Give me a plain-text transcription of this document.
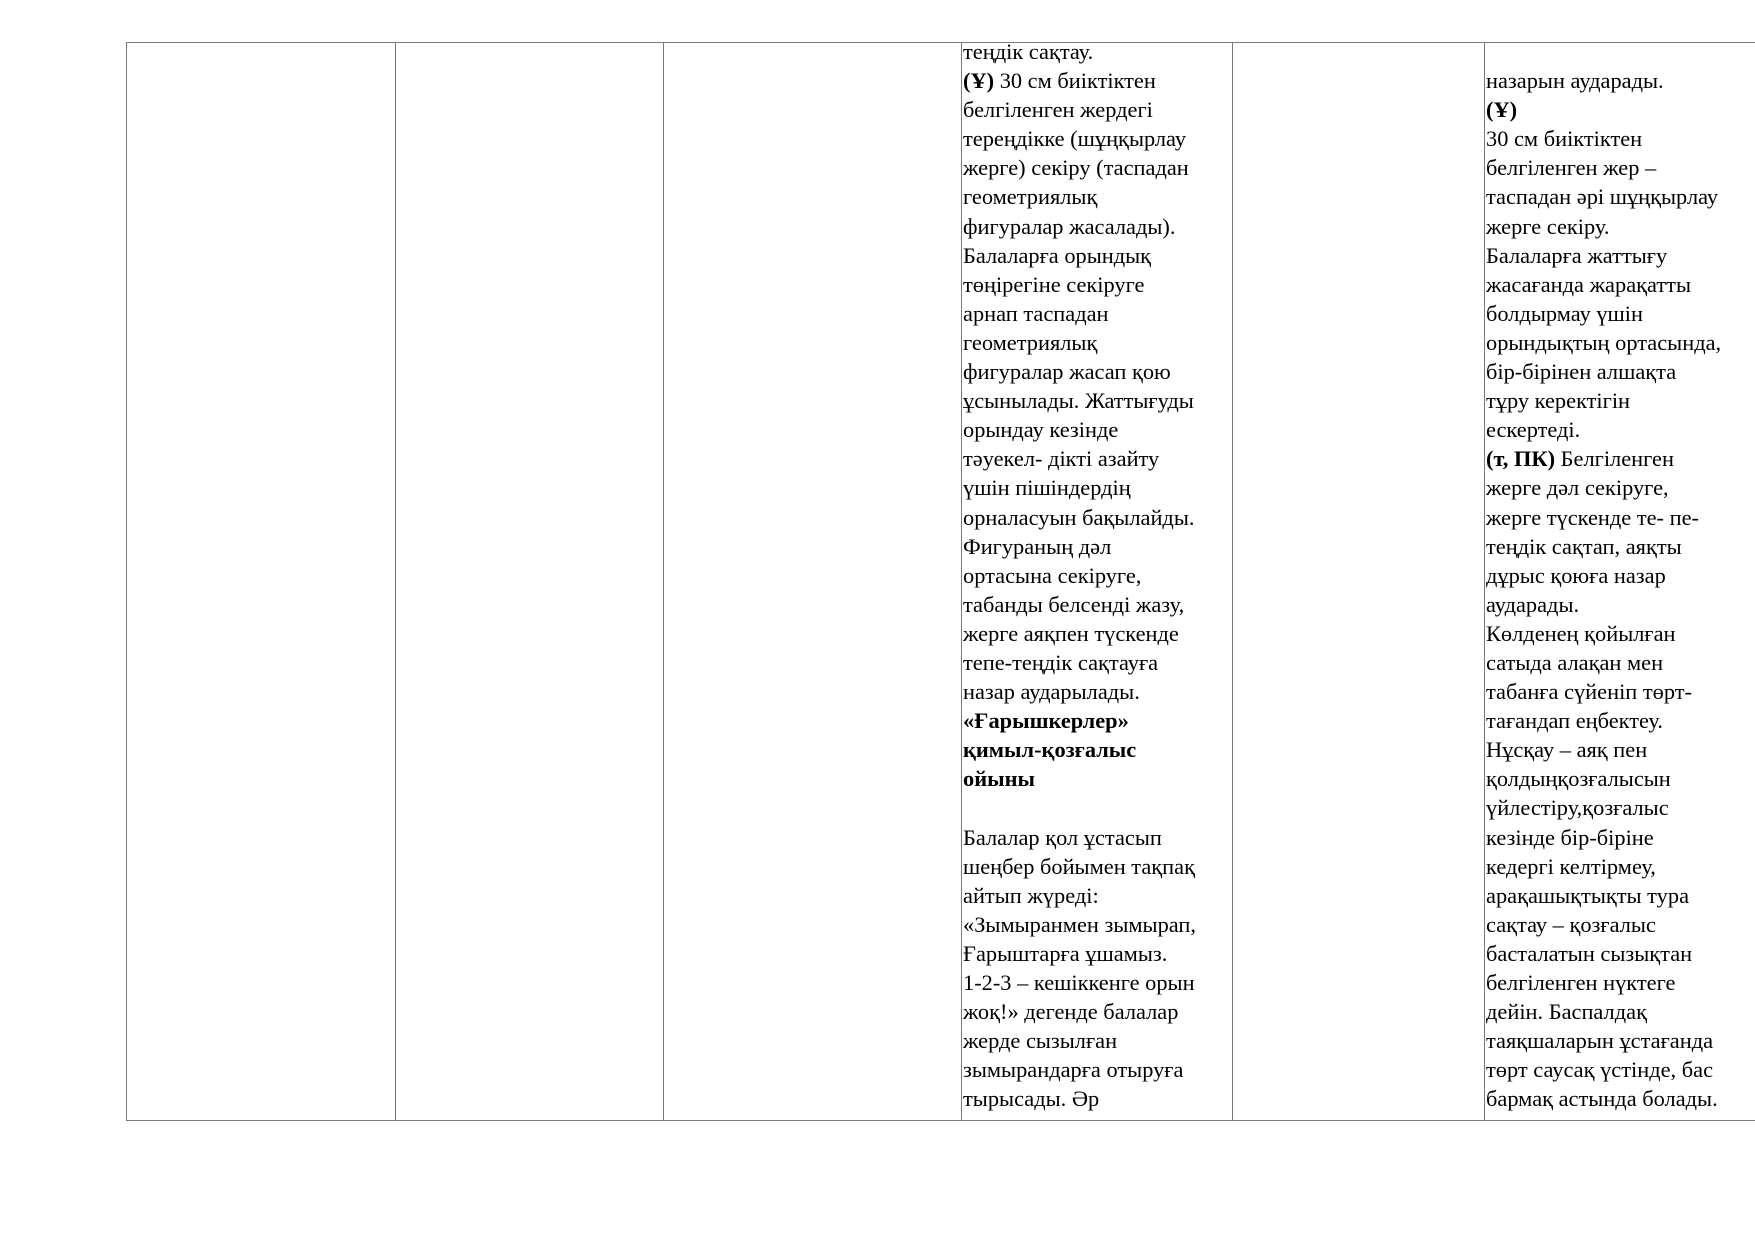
теңдік сақтау.
(Ұ) 30 см биіктіктен
белгіленген жердегі
тереңдікке (шұңқырлау
жерге) секіру (таспадан
геометриялық
фигуралар жасалады).
Балаларға орындық
төңірегіне секіруге
арнап таспадан
геометриялық
фигуралар жасап қою
ұсынылады. Жаттығуды
орындау кезінде
тәуекел- дікті азайту
үшін пішіндердің
орналасуын бақылайды.
Фигураның дәл
ортасына секіруге,
табанды белсенді жазу,
жерге аяқпен түскенде
тепе-теңдік сақтауға
назар аударылады.
«Ғарышкерлер»
қимыл-қозғалыс
ойыны
Балалар қол ұстасып
шеңбер бойымен тақпақ
айтып жүреді:
«Зымыранмен зымырап,
Ғарыштарға ұшамыз.
1-2-3 – кешіккенге орын
жоқ!» дегенде балалар
жерде сызылған
зымырандарға отыруға
тырысады. Әр
назарын аударады.
(Ұ)
30 см биіктіктен
белгіленген жер –
таспадан әрі шұңқырлау
жерге секіру.
Балаларға жаттығу
жасағанда жарақатты
болдырмау үшін
орындықтың ортасында,
бір-бірінен алшақта
тұру керектігін
ескертеді.
(т, ПК) Белгіленген
жерге дәл секіруге,
жерге түскенде те- пе-
теңдік сақтап, аяқты
дұрыс қоюға назар
аударады.
Көлденең қойылған
сатыда алақан мен
табанға сүйеніп төрт-
тағандап еңбектеу.
Нұсқау – аяқ пен
қолдыңқозғалысын
үйлестіру,қозғалыс
кезінде бір-біріне
кедергі келтірмеу,
арақашықтықты тура
сақтау – қозғалыс
басталатын сызықтан
белгіленген нүктеге
дейін. Баспалдақ
таяқшаларын ұстағанда
төрт саусақ үстінде, бас
бармақ астында болады.
